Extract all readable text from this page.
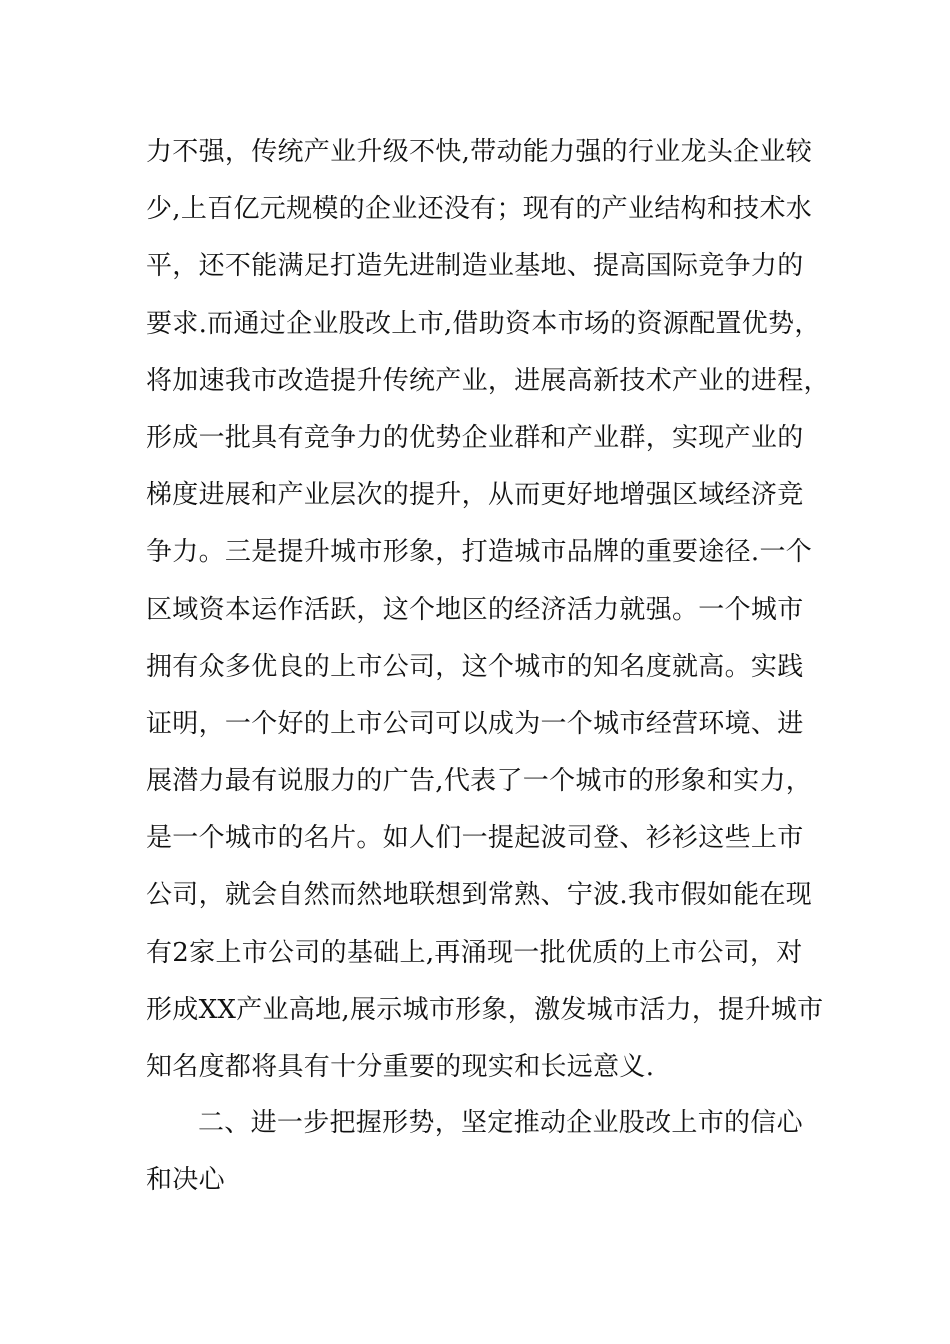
力不强，传统产业升级不快,带动能力强的行业龙头企业较
少,上百亿元规模的企业还没有；现有的产业结构和技术水
平，还不能满足打造先进制造业基地、提高国际竞争力的
要求.而通过企业股改上市,借助资本市场的资源配置优势，
将加速我市改造提升传统产业，进展高新技术产业的进程，
形成一批具有竞争力的优势企业群和产业群，实现产业的
梯度进展和产业层次的提升，从而更好地增强区域经济竞
争力。三是提升城市形象，打造城市品牌的重要途径.一个
区域资本运作活跃，这个地区的经济活力就强。一个城市
拥有众多优良的上市公司，这个城市的知名度就高。实践
证明，一个好的上市公司可以成为一个城市经营环境、进
展潜力最有说服力的广告,代表了一个城市的形象和实力，
是一个城市的名片。如人们一提起波司登、衫衫这些上市
公司，就会自然而然地联想到常熟、宁波.我市假如能在现
有2家上市公司的基础上,再涌现一批优质的上市公司，对
形成XX产业高地,展示城市形象，激发城市活力，提升城市
知名度都将具有十分重要的现实和长远意义.
二、进一步把握形势，坚定推动企业股改上市的信心
和决心
